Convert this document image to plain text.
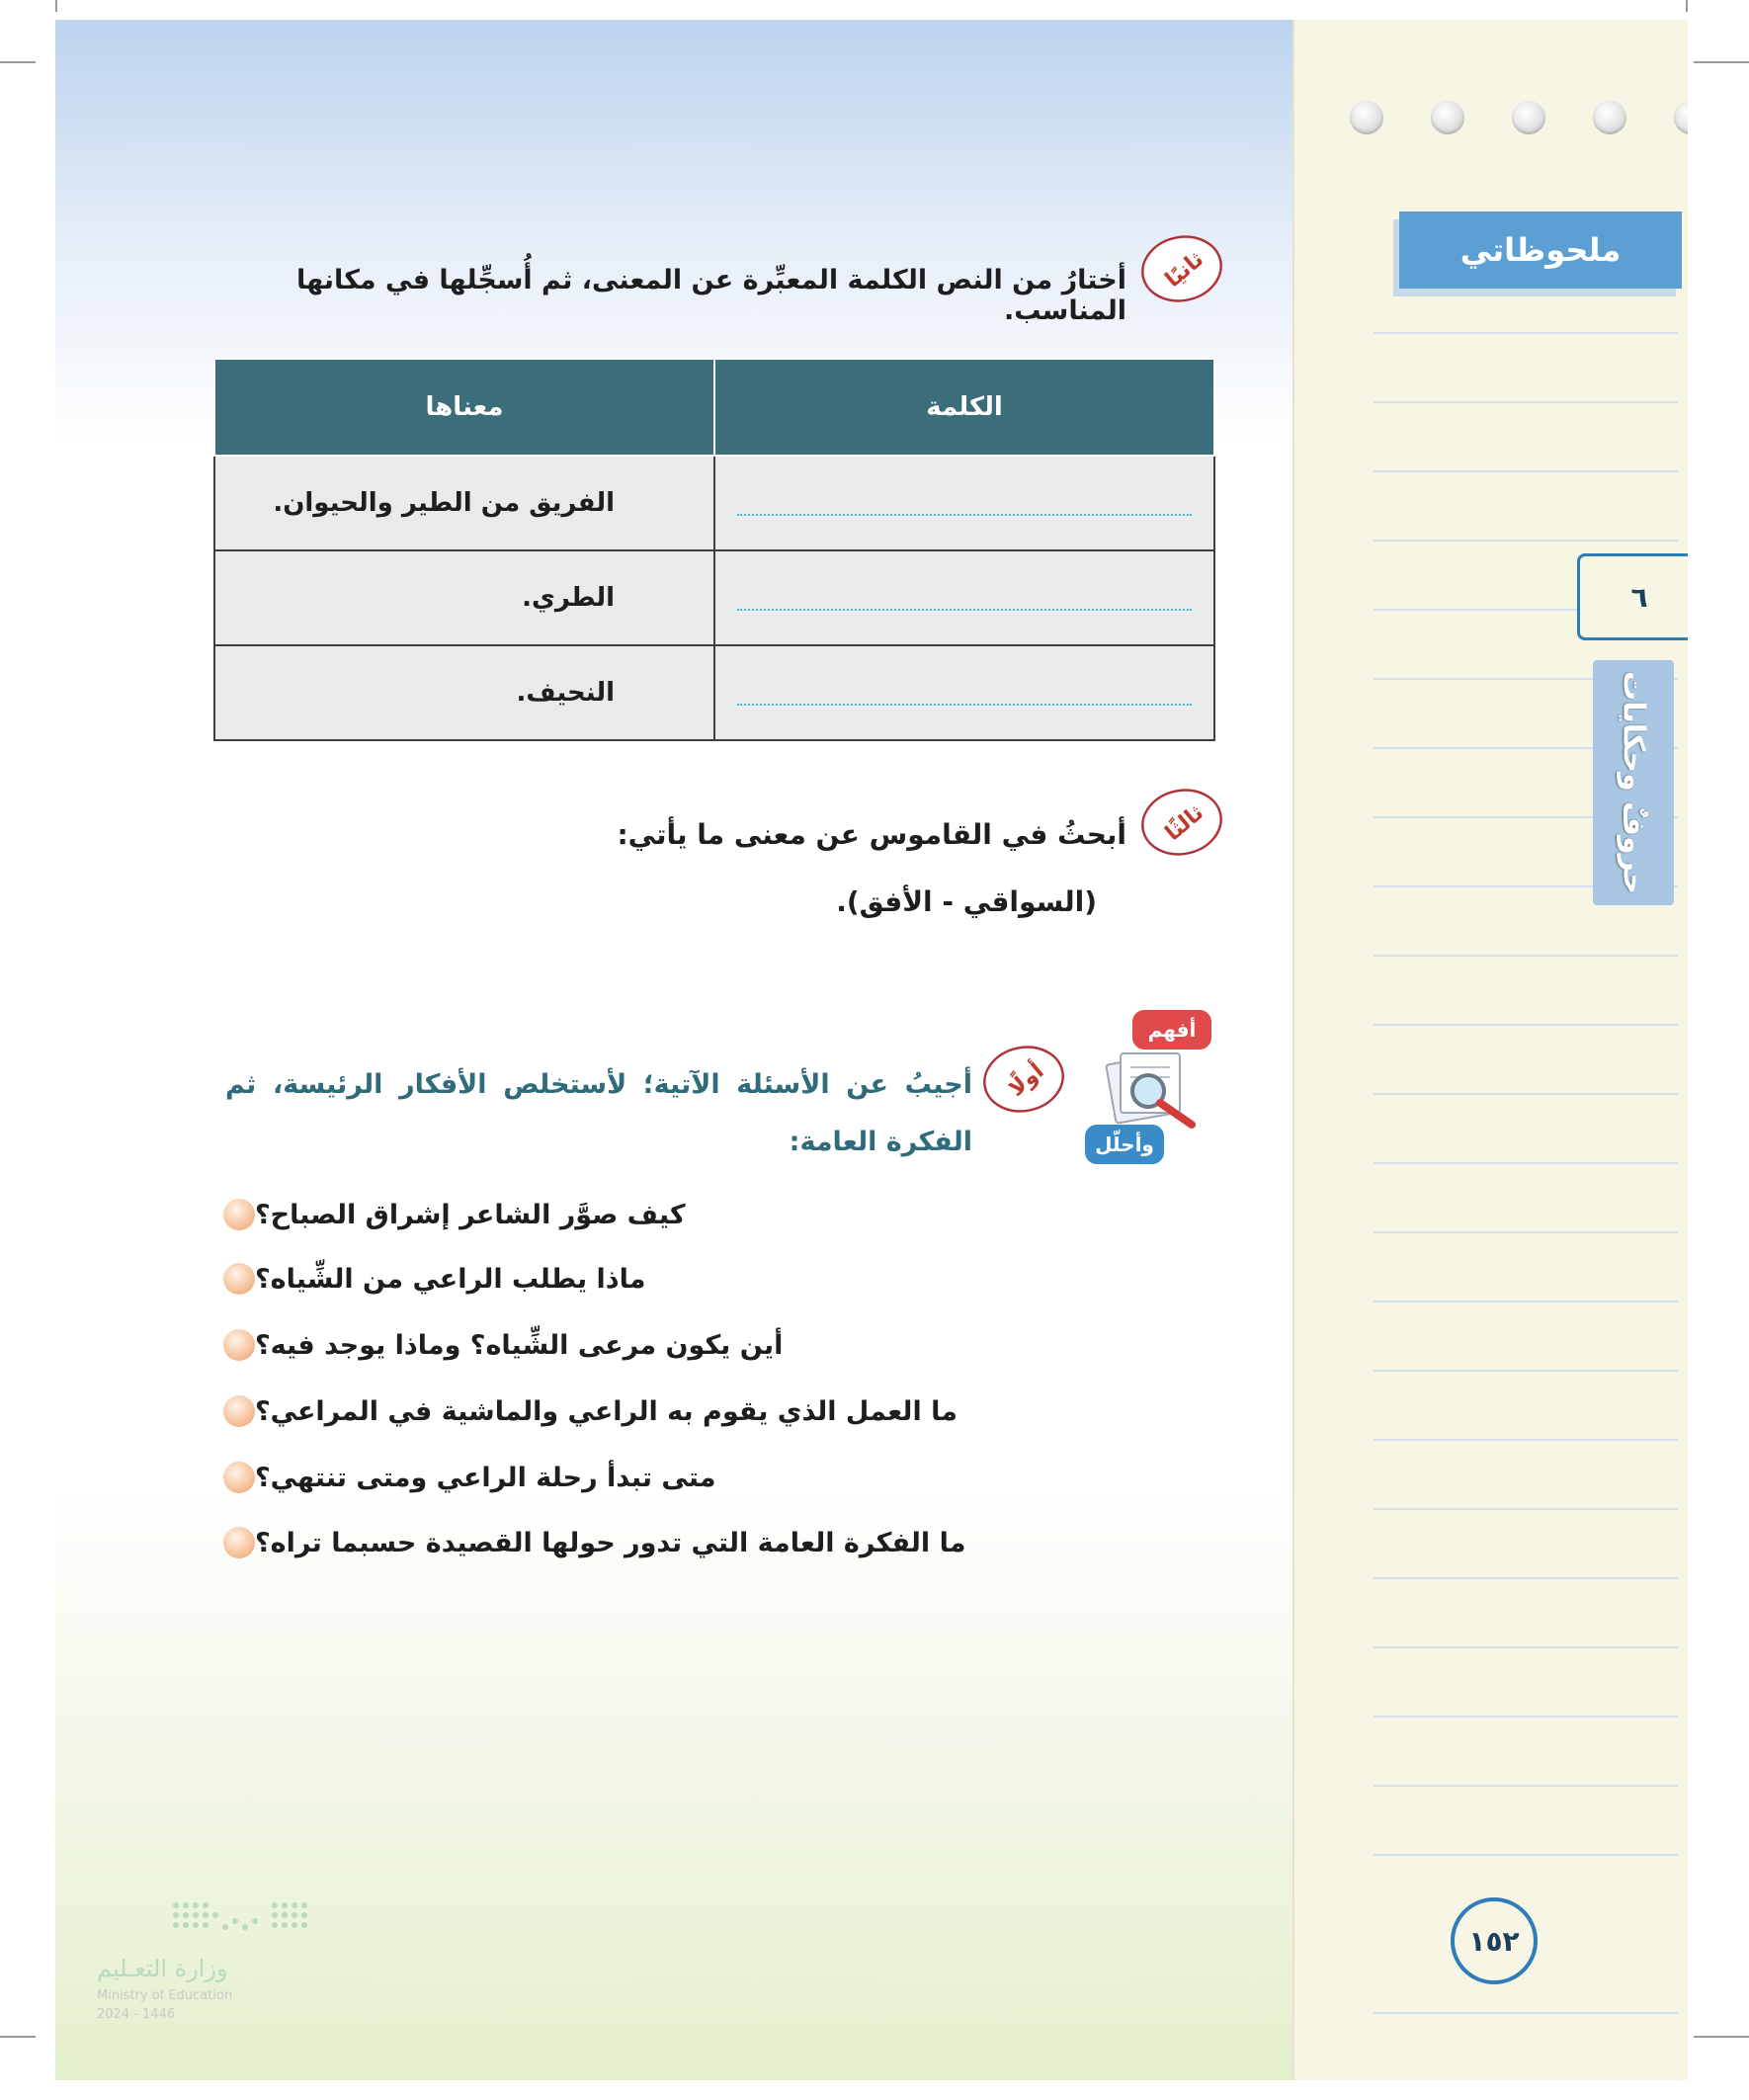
ثانيًا
أختارُ من النص الكلمة المعبِّرة عن المعنى، ثم أُسجِّلها في مكانها المناسب.
الكلمة	معناها

	الفريق من الطير والحيوان.

	الطري.

	النحيف.
ثالثًا
أبحثُ في القاموس عن معنى ما يأتي:
(السواقي - الأفق).
أفهم
وأحلّل
أولًا
أجيبُ عن الأسئلة الآتية؛ لأستخلص الأفكار الرئيسة، ثم
الفكرة العامة:
كيف صوَّر الشاعر إشراق الصباح؟
ماذا يطلب الراعي من الشِّياه؟
أين يكون مرعى الشِّياه؟ وماذا يوجد فيه؟
ما العمل الذي يقوم به الراعي والماشية في المراعي؟
متى تبدأ رحلة الراعي ومتى تنتهي؟
ما الفكرة العامة التي تدور حولها القصيدة حسبما تراه؟
وزارة التعـليم
Ministry of Education
2024 - 1446
ملحوظاتي
٦
حروفٌ وحكايات
١٥٢
